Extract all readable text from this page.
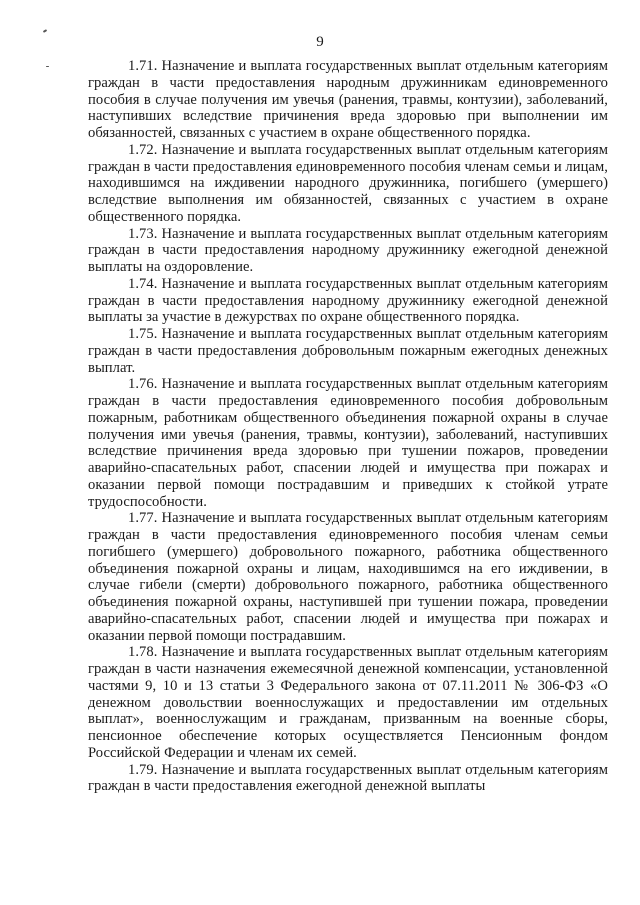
9

1.71. Назначение и выплата государственных выплат отдельным категориям граждан в части предоставления народным дружинникам единовременного пособия в случае получения им увечья (ранения, травмы, контузии), заболеваний, наступивших вследствие причинения вреда здоровью при выполнении им обязанностей, связанных с участием в охране общественного порядка.

1.72. Назначение и выплата государственных выплат отдельным категориям граждан в части предоставления единовременного пособия членам семьи и лицам, находившимся на иждивении народного дружинника, погибшего (умершего) вследствие выполнения им обязанностей, связанных с участием в охране общественного порядка.

1.73. Назначение и выплата государственных выплат отдельным категориям граждан в части предоставления народному дружиннику ежегодной денежной выплаты на оздоровление.

1.74. Назначение и выплата государственных выплат отдельным категориям граждан в части предоставления народному дружиннику ежегодной денежной выплаты за участие в дежурствах по охране общественного порядка.

1.75. Назначение и выплата государственных выплат отдельным категориям граждан в части предоставления добровольным пожарным ежегодных денежных выплат.

1.76. Назначение и выплата государственных выплат отдельным категориям граждан в части предоставления единовременного пособия добровольным пожарным, работникам общественного объединения пожарной охраны в случае получения ими увечья (ранения, травмы, контузии), заболеваний, наступивших вследствие причинения вреда здоровью при тушении пожаров, проведении аварийно-спасательных работ, спасении людей и имущества при пожарах и оказании первой помощи пострадавшим и приведших к стойкой утрате трудоспособности.

1.77. Назначение и выплата государственных выплат отдельным категориям граждан в части предоставления единовременного пособия членам семьи погибшего (умершего) добровольного пожарного, работника общественного объединения пожарной охраны и лицам, находившимся на его иждивении, в случае гибели (смерти) добровольного пожарного, работника общественного объединения пожарной охраны, наступившей при тушении пожара, проведении аварийно-спасательных работ, спасении людей и имущества при пожарах и оказании первой помощи пострадавшим.

1.78. Назначение и выплата государственных выплат отдельным категориям граждан в части назначения ежемесячной денежной компенсации, установленной частями 9, 10 и 13 статьи 3 Федерального закона от 07.11.2011 № 306-ФЗ «О денежном довольствии военнослужащих и предоставлении им отдельных выплат», военнослужащим и гражданам, призванным на военные сборы, пенсионное обеспечение которых осуществляется Пенсионным фондом Российской Федерации и членам их семей.

1.79. Назначение и выплата государственных выплат отдельным категориям граждан в части предоставления ежегодной денежной выплаты
